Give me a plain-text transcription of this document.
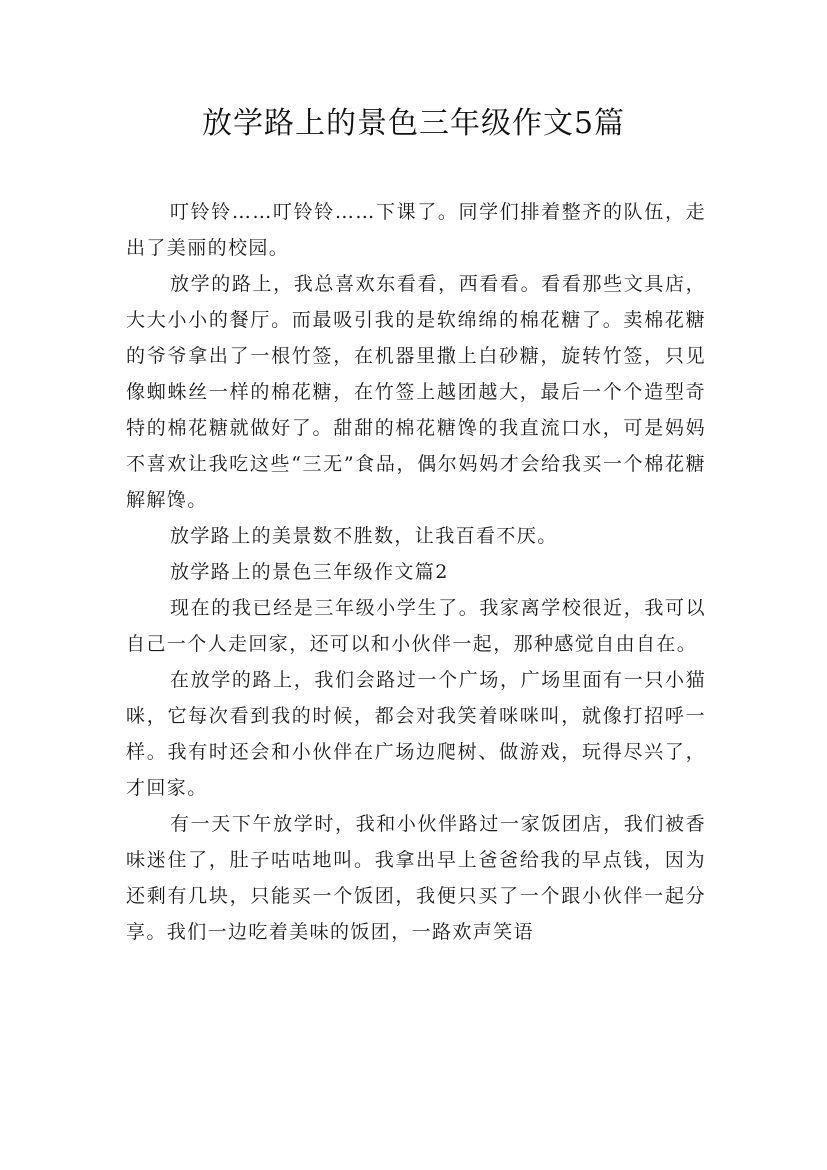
放学路上的景色三年级作文5篇

叮铃铃……叮铃铃……下课了。同学们排着整齐的队伍，走出了美丽的校园。

放学的路上，我总喜欢东看看，西看看。看看那些文具店，大大小小的餐厅。而最吸引我的是软绵绵的棉花糖了。卖棉花糖的爷爷拿出了一根竹签，在机器里撒上白砂糖，旋转竹签，只见像蜘蛛丝一样的棉花糖，在竹签上越团越大，最后一个个造型奇特的棉花糖就做好了。甜甜的棉花糖馋的我直流口水，可是妈妈不喜欢让我吃这些“三无”食品，偶尔妈妈才会给我买一个棉花糖解解馋。

放学路上的美景数不胜数，让我百看不厌。

放学路上的景色三年级作文篇2

现在的我已经是三年级小学生了。我家离学校很近，我可以自己一个人走回家，还可以和小伙伴一起，那种感觉自由自在。

在放学的路上，我们会路过一个广场，广场里面有一只小猫咪，它每次看到我的时候，都会对我笑着咪咪叫，就像打招呼一样。我有时还会和小伙伴在广场边爬树、做游戏，玩得尽兴了，才回家。

有一天下午放学时，我和小伙伴路过一家饭团店，我们被香味迷住了，肚子咕咕地叫。我拿出早上爸爸给我的早点钱，因为还剩有几块，只能买一个饭团，我便只买了一个跟小伙伴一起分享。我们一边吃着美味的饭团，一路欢声笑语
